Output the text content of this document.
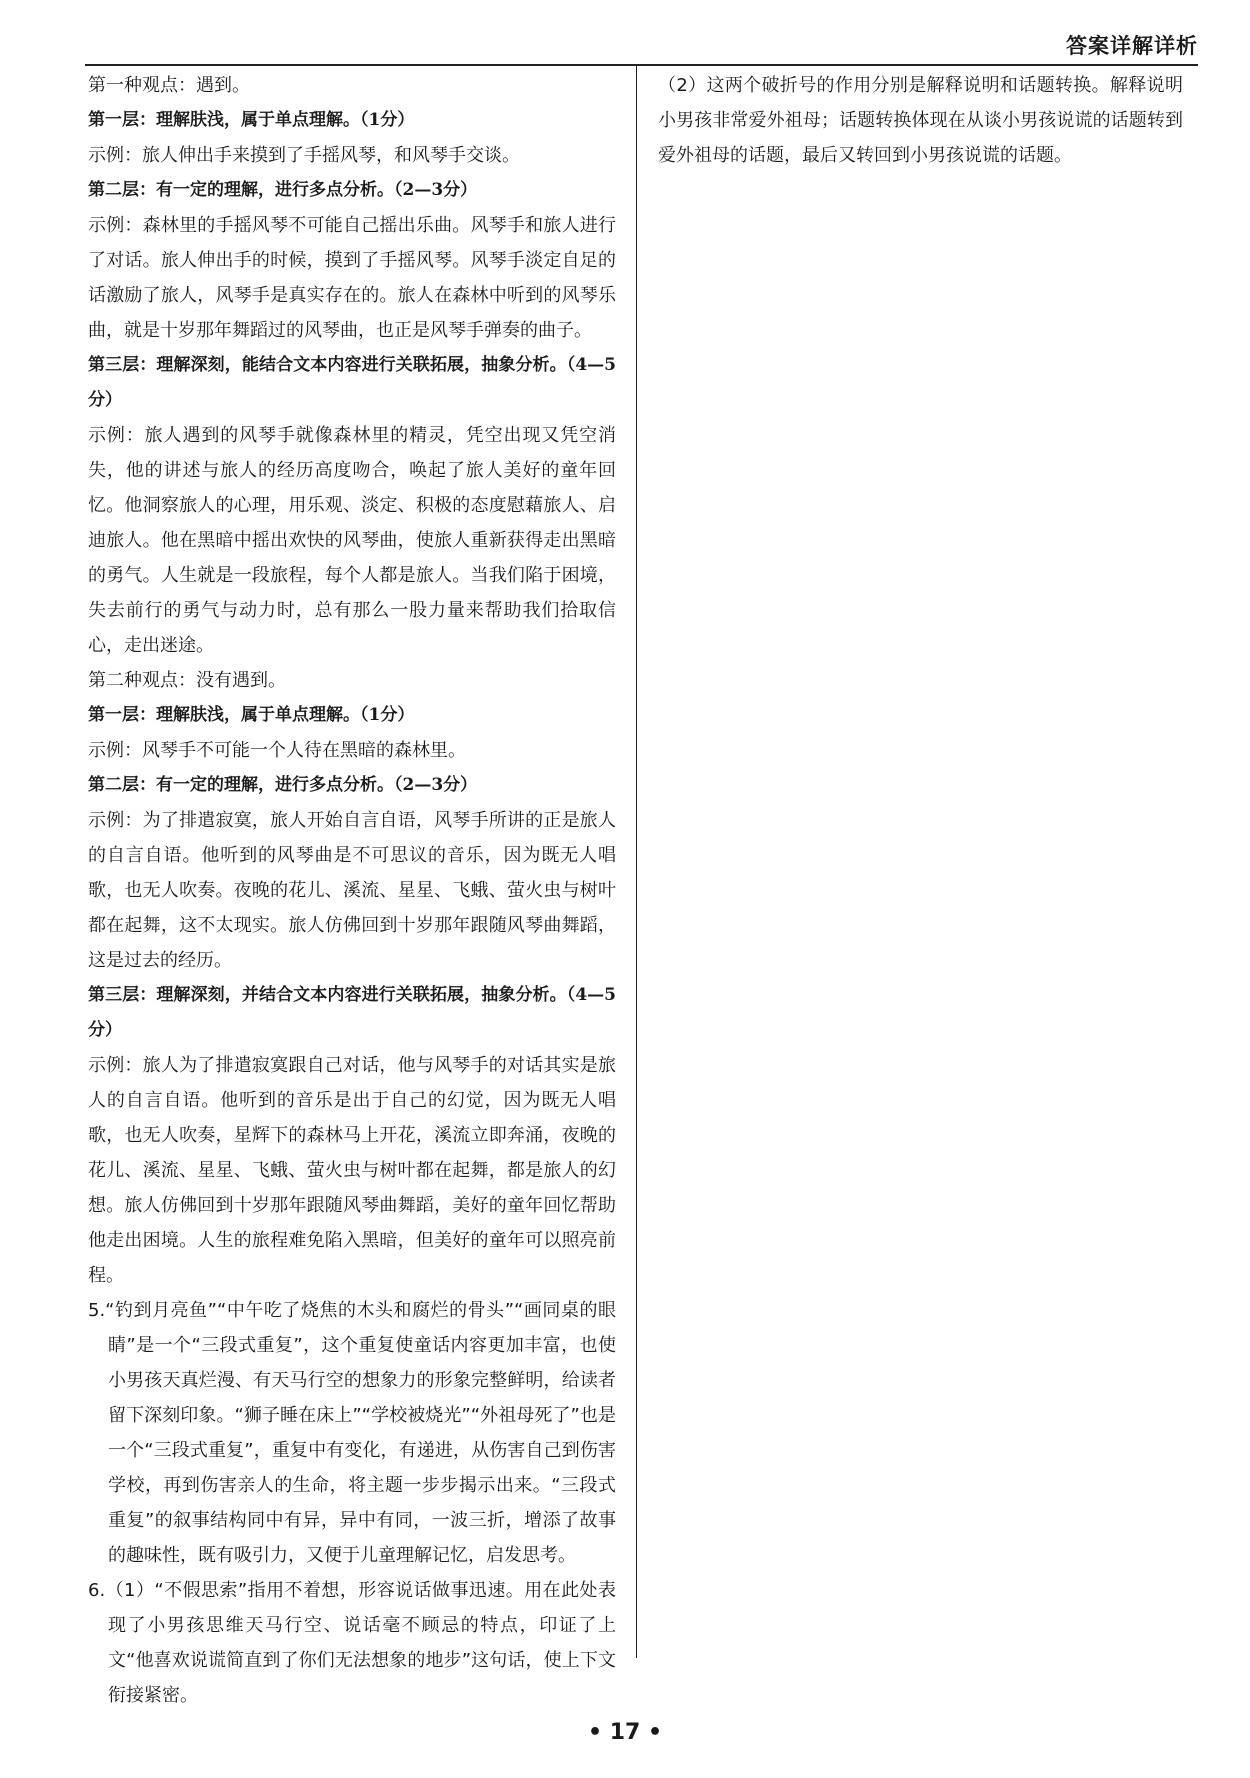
答案详解详析

第一种观点：遇到。

第一层：理解肤浅，属于单点理解。（1分）

示例：旅人伸出手来摸到了手摇风琴，和风琴手交谈。

第二层：有一定的理解，进行多点分析。（2—3分）

示例：森林里的手摇风琴不可能自己摇出乐曲。风琴手和旅人进行了对话。旅人伸出手的时候，摸到了手摇风琴。风琴手淡定自足的话激励了旅人，风琴手是真实存在的。旅人在森林中听到的风琴乐曲，就是十岁那年舞蹈过的风琴曲，也正是风琴手弹奏的曲子。

第三层：理解深刻，能结合文本内容进行关联拓展，抽象分析。（4—5分）

示例：旅人遇到的风琴手就像森林里的精灵，凭空出现又凭空消失，他的讲述与旅人的经历高度吻合，唤起了旅人美好的童年回忆。他洞察旅人的心理，用乐观、淡定、积极的态度慰藉旅人、启迪旅人。他在黑暗中摇出欢快的风琴曲，使旅人重新获得走出黑暗的勇气。人生就是一段旅程，每个人都是旅人。当我们陷于困境，失去前行的勇气与动力时，总有那么一股力量来帮助我们拾取信心，走出迷途。

第二种观点：没有遇到。

第一层：理解肤浅，属于单点理解。（1分）

示例：风琴手不可能一个人待在黑暗的森林里。

第二层：有一定的理解，进行多点分析。（2—3分）

示例：为了排遣寂寞，旅人开始自言自语，风琴手所讲的正是旅人的自言自语。他听到的风琴曲是不可思议的音乐，因为既无人唱歌，也无人吹奏。夜晚的花儿、溪流、星星、飞蛾、萤火虫与树叶都在起舞，这不太现实。旅人仿佛回到十岁那年跟随风琴曲舞蹈，这是过去的经历。

第三层：理解深刻，并结合文本内容进行关联拓展，抽象分析。（4—5分）

示例：旅人为了排遣寂寞跟自己对话，他与风琴手的对话其实是旅人的自言自语。他听到的音乐是出于自己的幻觉，因为既无人唱歌，也无人吹奏，星辉下的森林马上开花，溪流立即奔涌，夜晚的花儿、溪流、星星、飞蛾、萤火虫与树叶都在起舞，都是旅人的幻想。旅人仿佛回到十岁那年跟随风琴曲舞蹈，美好的童年回忆帮助他走出困境。人生的旅程难免陷入黑暗，但美好的童年可以照亮前程。

5.“钓到月亮鱼”“中午吃了烧焦的木头和腐烂的骨头”“画同桌的眼睛”是一个“三段式重复”，这个重复使童话内容更加丰富，也使小男孩天真烂漫、有天马行空的想象力的形象完整鲜明，给读者留下深刻印象。“狮子睡在床上”“学校被烧光”“外祖母死了”也是一个“三段式重复”，重复中有变化，有递进，从伤害自己到伤害学校，再到伤害亲人的生命，将主题一步步揭示出来。“三段式重复”的叙事结构同中有异，异中有同，一波三折，增添了故事的趣味性，既有吸引力，又便于儿童理解记忆，启发思考。

6.（1）“不假思索”指用不着想，形容说话做事迅速。用在此处表现了小男孩思维天马行空、说话毫不顾忌的特点，印证了上文“他喜欢说谎简直到了你们无法想象的地步”这句话，使上下文衔接紧密。

（2）这两个破折号的作用分别是解释说明和话题转换。解释说明小男孩非常爱外祖母；话题转换体现在从谈小男孩说谎的话题转到爱外祖母的话题，最后又转回到小男孩说谎的话题。

• 17 •
